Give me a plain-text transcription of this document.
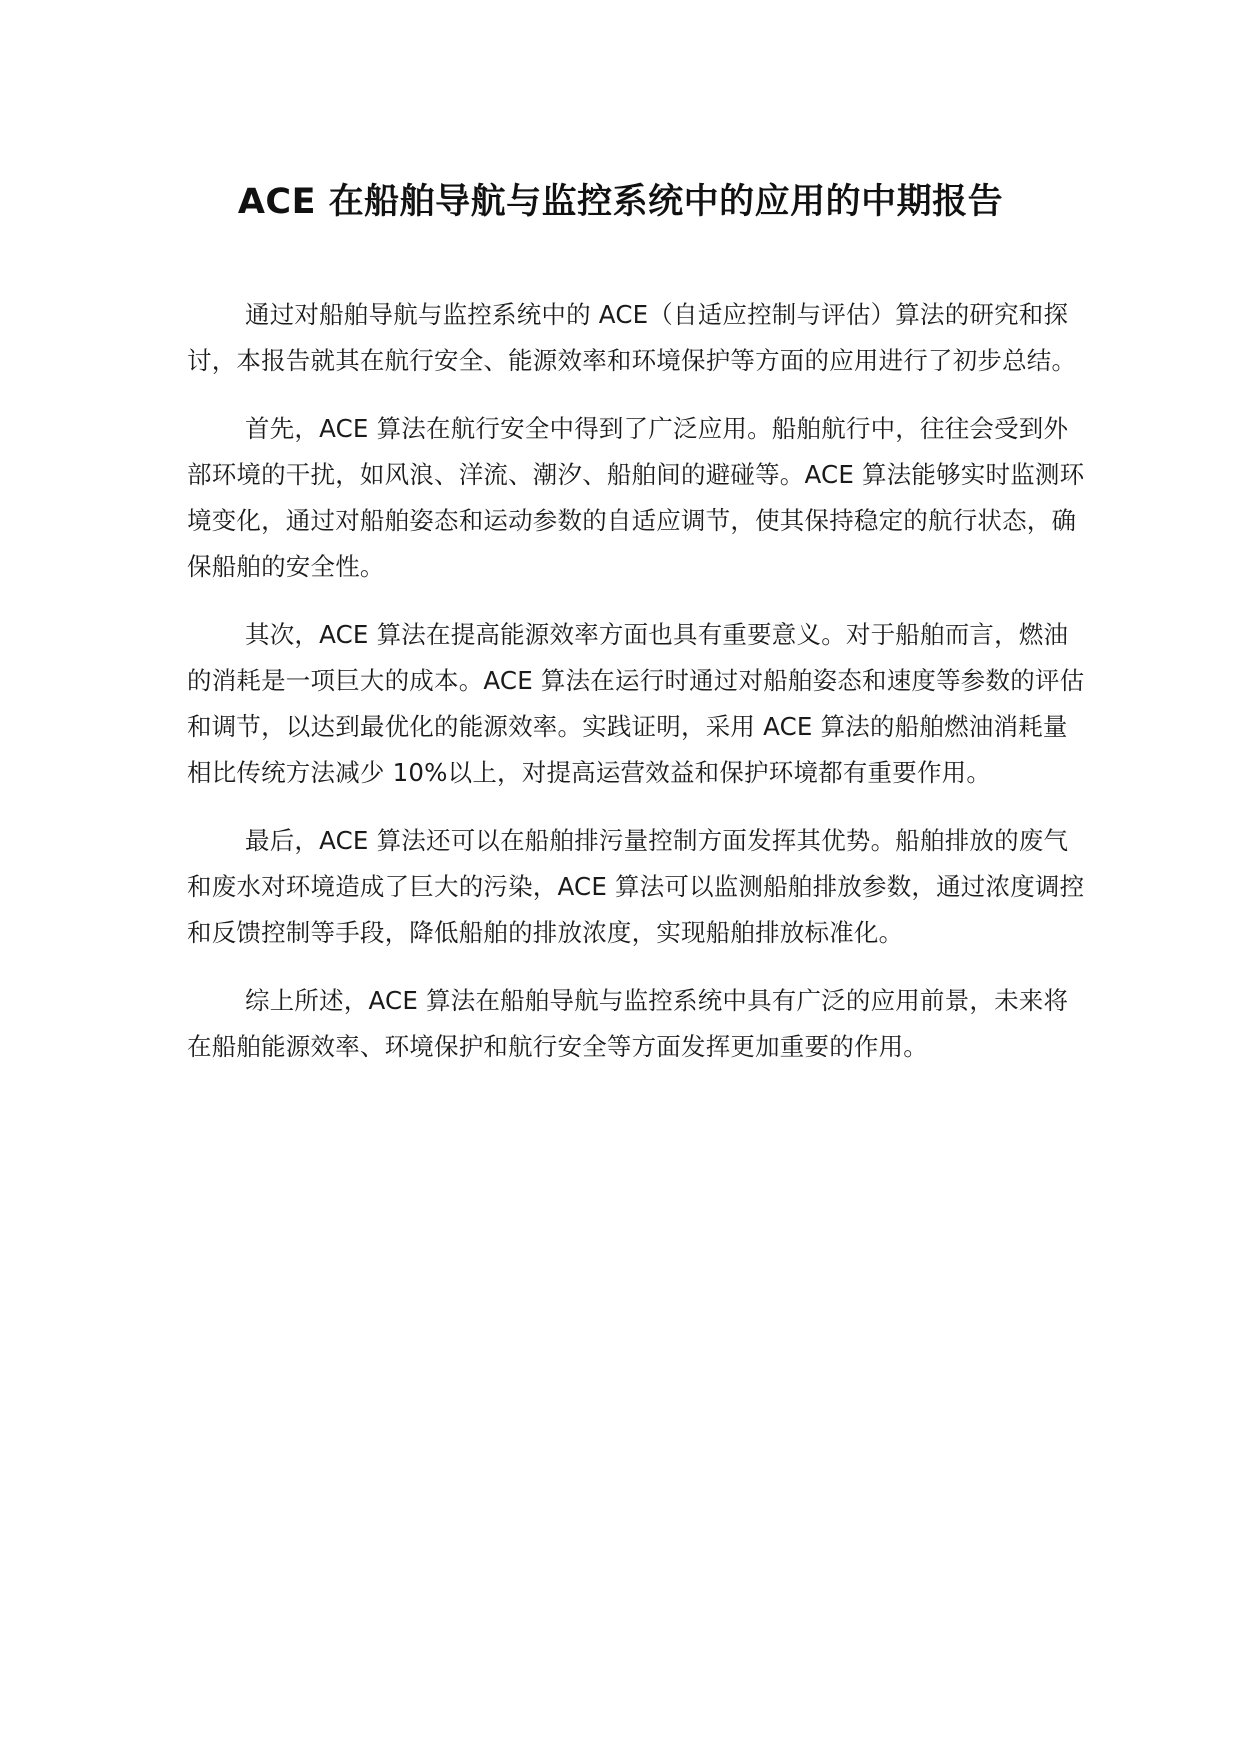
ACE 在船舶导航与监控系统中的应用的中期报告

通过对船舶导航与监控系统中的 ACE（自适应控制与评估）算法的研究和探讨，本报告就其在航行安全、能源效率和环境保护等方面的应用进行了初步总结。

首先，ACE 算法在航行安全中得到了广泛应用。船舶航行中，往往会受到外部环境的干扰，如风浪、洋流、潮汐、船舶间的避碰等。ACE 算法能够实时监测环境变化，通过对船舶姿态和运动参数的自适应调节，使其保持稳定的航行状态，确保船舶的安全性。

其次，ACE 算法在提高能源效率方面也具有重要意义。对于船舶而言，燃油的消耗是一项巨大的成本。ACE 算法在运行时通过对船舶姿态和速度等参数的评估和调节，以达到最优化的能源效率。实践证明，采用 ACE 算法的船舶燃油消耗量相比传统方法减少 10%以上，对提高运营效益和保护环境都有重要作用。

最后，ACE 算法还可以在船舶排污量控制方面发挥其优势。船舶排放的废气和废水对环境造成了巨大的污染，ACE 算法可以监测船舶排放参数，通过浓度调控和反馈控制等手段，降低船舶的排放浓度，实现船舶排放标准化。

综上所述，ACE 算法在船舶导航与监控系统中具有广泛的应用前景，未来将在船舶能源效率、环境保护和航行安全等方面发挥更加重要的作用。
